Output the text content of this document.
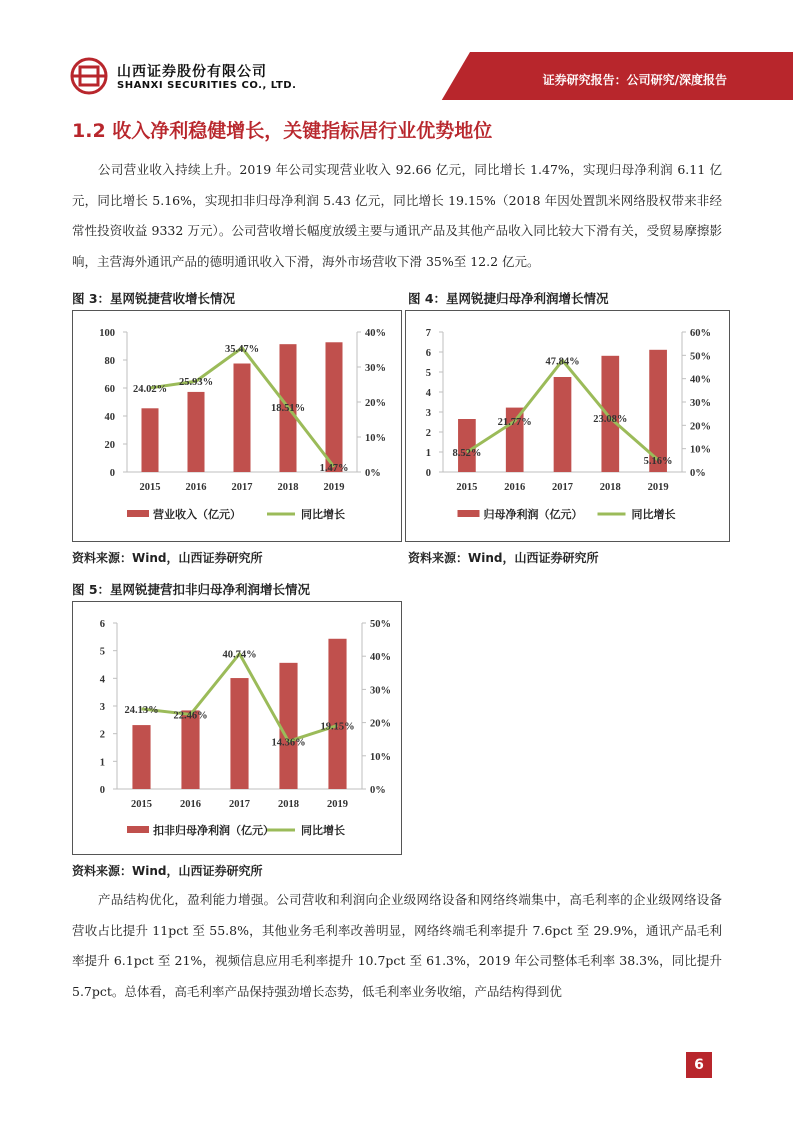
山西证券股份有限公司
SHANXI SECURITIES CO., LTD.	证券研究报告：公司研究/深度报告
1.2 收入净利稳健增长，关键指标居行业优势地位

公司营业收入持续上升。2019 年公司实现营业收入 92.66 亿元，同比增长 1.47%，实现归母净利润 6.11 亿元，同比增长 5.16%，实现扣非归母净利润 5.43 亿元，同比增长 19.15%（2018 年因处置凯米网络股权带来非经常性投资收益 9332 万元）。公司营收增长幅度放缓主要与通讯产品及其他产品收入同比较大下滑有关，受贸易摩擦影响，主营海外通讯产品的德明通讯收入下滑，海外市场营收下滑 35%至 12.2 亿元。

图 3：星网锐捷营收增长情况
0
20
40
60
80
100
0%
10%
20%
30%
40%
2015 2016 2017 2018 2019
24.02%
25.93%
35.47%
18.51%
1.47%
营业收入（亿元）	同比增长
资料来源：Wind，山西证券研究所
图 4：星网锐捷归母净利润增长情况
0
1
2
3
4
5
6
7
0%
10%
20%
30%
40%
50%
60%
2015	2016	2017	2018	2019
8.52%
21.77%
47.84%
23.08%
5.16%
归母净利润（亿元）	同比增长
资料来源：Wind，山西证券研究所
图 5：星网锐捷营扣非归母净利润增长情况
0
1
2
3
4
5
6
0%
10%
20%
30%
40%
50%
2015	2016	2017	2018	2019
24.13%
22.46%
40.74%
14.36%
19.15%
扣非归母净利润（亿元） 同比增长
资料来源：Wind，山西证券研究所

产品结构优化，盈利能力增强。公司营收和利润向企业级网络设备和网络终端集中，高毛利率的企业级网络设备营收占比提升 11pct 至 55.8%，其他业务毛利率改善明显，网络终端毛利率提升 7.6pct 至 29.9%，通讯产品毛利率提升 6.1pct 至 21%，视频信息应用毛利率提升 10.7pct 至 61.3%，2019 年公司整体毛利率 38.3%，同比提升 5.7pct。总体看，高毛利率产品保持强劲增长态势，低毛利率业务收缩，产品结构得到优

6
